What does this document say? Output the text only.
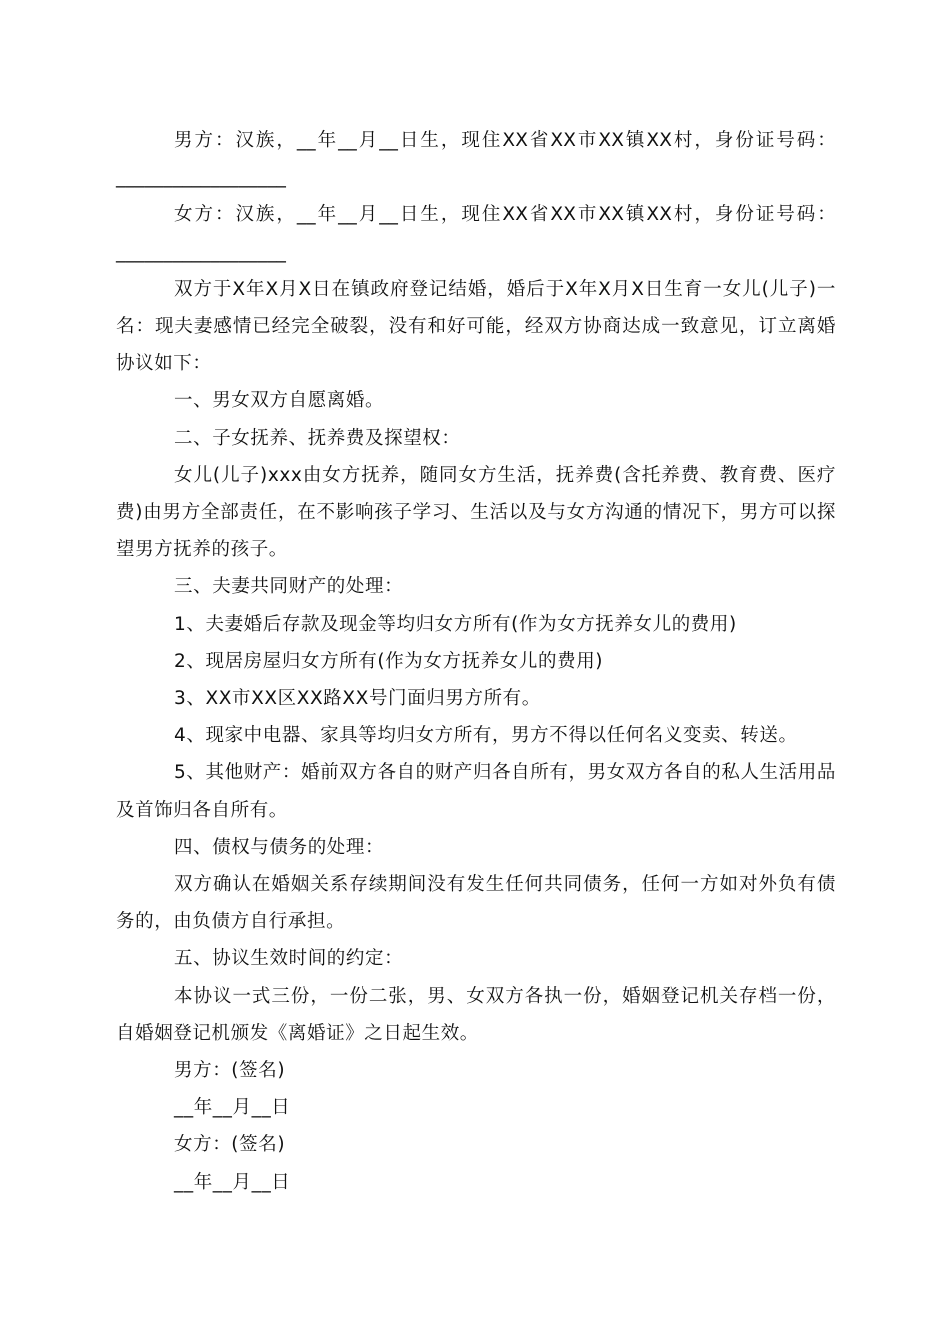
男方：汉族，__年__月__日生，现住XX省XX市XX镇XX村，身份证号码：__________________

女方：汉族，__年__月__日生，现住XX省XX市XX镇XX村，身份证号码：__________________

双方于X年X月X日在镇政府登记结婚，婚后于X年X月X日生育一女儿(儿子)一名：现夫妻感情已经完全破裂，没有和好可能，经双方协商达成一致意见，订立离婚协议如下：

一、男女双方自愿离婚。

二、子女抚养、抚养费及探望权：

女儿(儿子)xxx由女方抚养，随同女方生活，抚养费(含托养费、教育费、医疗费)由男方全部责任，在不影响孩子学习、生活以及与女方沟通的情况下，男方可以探望男方抚养的孩子。

三、夫妻共同财产的处理：

1、夫妻婚后存款及现金等均归女方所有(作为女方抚养女儿的费用)

2、现居房屋归女方所有(作为女方抚养女儿的费用)

3、XX市XX区XX路XX号门面归男方所有。

4、现家中电器、家具等均归女方所有，男方不得以任何名义变卖、转送。

5、其他财产：婚前双方各自的财产归各自所有，男女双方各自的私人生活用品及首饰归各自所有。

四、债权与债务的处理：

双方确认在婚姻关系存续期间没有发生任何共同债务，任何一方如对外负有债务的，由负债方自行承担。

五、协议生效时间的约定：

本协议一式三份，一份二张，男、女双方各执一份，婚姻登记机关存档一份，自婚姻登记机颁发《离婚证》之日起生效。

男方：(签名)

__年__月__日

女方：(签名)

__年__月__日
